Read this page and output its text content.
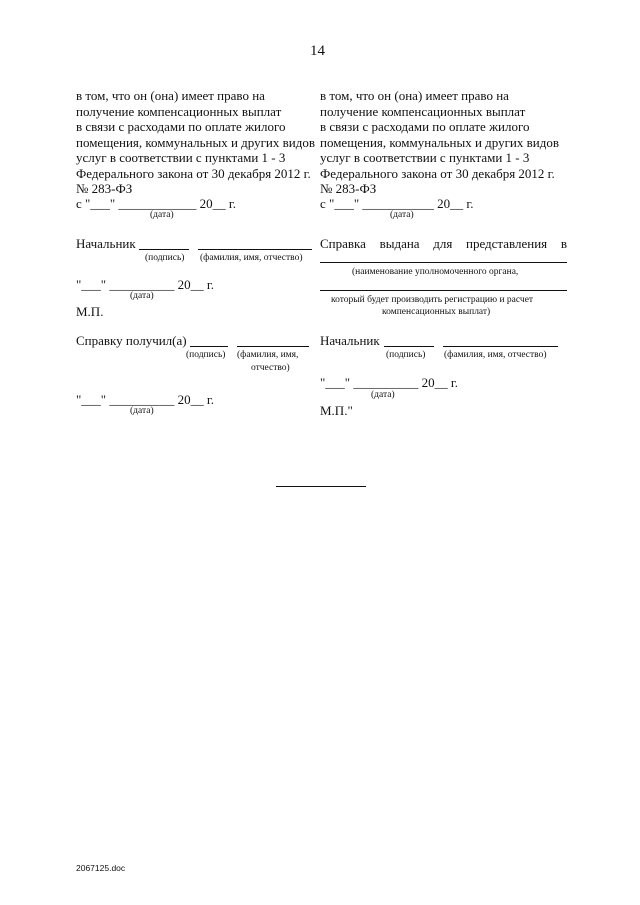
14
в том, что он (она) имеет право на
получение компенсационных выплат
в связи с расходами по оплате жилого
помещения, коммунальных и других видов
услуг в соответствии с пунктами 1 - 3
Федерального закона от 30 декабря 2012 г.
№ 283-ФЗ
с "___" ____________ 20__ г.
(дата)
Начальник
(подпись) (фамилия, имя, отчество)
"___" __________ 20__ г.
(дата)
М.П.
Справку получил(а)
(подпись) (фамилия, имя,
отчество)
"___" __________ 20__ г.
(дата)
в том, что он (она) имеет право на
получение компенсационных выплат
в связи с расходами по оплате жилого
помещения, коммунальных и других видов
услуг в соответствии с пунктами 1 - 3
Федерального закона от 30 декабря 2012 г.
№ 283-ФЗ
с "___" ___________ 20__ г.
(дата)
Справка выдана для представления в
(наименование уполномоченного органа,
который будет производить регистрацию и расчет
компенсационных выплат)
Начальник
(подпись) (фамилия, имя, отчество)
"___" __________ 20__ г.
(дата)
М.П."
2067125.doc
